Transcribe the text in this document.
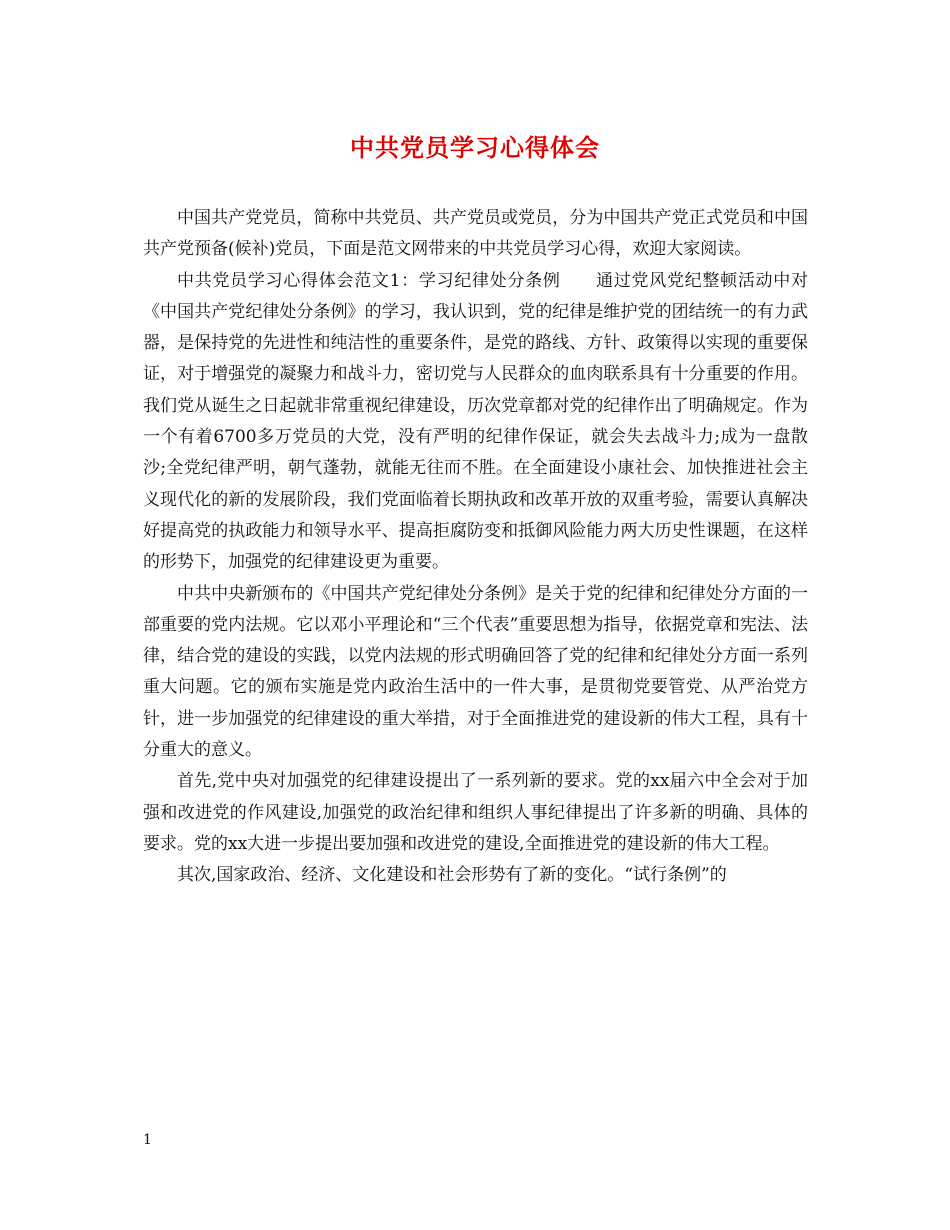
中共党员学习心得体会

中国共产党党员，简称中共党员、共产党员或党员，分为中国共产党正式党员和中国共产党预备(候补)党员，下面是范文网带来的中共党员学习心得，欢迎大家阅读。

中共党员学习心得体会范文1：学习纪律处分条例　　通过党风党纪整顿活动中对《中国共产党纪律处分条例》的学习，我认识到，党的纪律是维护党的团结统一的有力武器，是保持党的先进性和纯洁性的重要条件，是党的路线、方针、政策得以实现的重要保证，对于增强党的凝聚力和战斗力，密切党与人民群众的血肉联系具有十分重要的作用。我们党从诞生之日起就非常重视纪律建设，历次党章都对党的纪律作出了明确规定。作为一个有着6700多万党员的大党，没有严明的纪律作保证，就会失去战斗力;成为一盘散沙;全党纪律严明，朝气蓬勃，就能无往而不胜。在全面建设小康社会、加快推进社会主义现代化的新的发展阶段，我们党面临着长期执政和改革开放的双重考验，需要认真解决好提高党的执政能力和领导水平、提高拒腐防变和抵御风险能力两大历史性课题，在这样的形势下，加强党的纪律建设更为重要。

中共中央新颁布的《中国共产党纪律处分条例》是关于党的纪律和纪律处分方面的一部重要的党内法规。它以邓小平理论和“三个代表”重要思想为指导，依据党章和宪法、法律，结合党的建设的实践，以党内法规的形式明确回答了党的纪律和纪律处分方面一系列重大问题。它的颁布实施是党内政治生活中的一件大事，是贯彻党要管党、从严治党方针，进一步加强党的纪律建设的重大举措，对于全面推进党的建设新的伟大工程，具有十分重大的意义。

首先,党中央对加强党的纪律建设提出了一系列新的要求。党的xx届六中全会对于加强和改进党的作风建设,加强党的政治纪律和组织人事纪律提出了许多新的明确、具体的要求。党的xx大进一步提出要加强和改进党的建设,全面推进党的建设新的伟大工程。

其次,国家政治、经济、文化建设和社会形势有了新的变化。“试行条例”的

1
